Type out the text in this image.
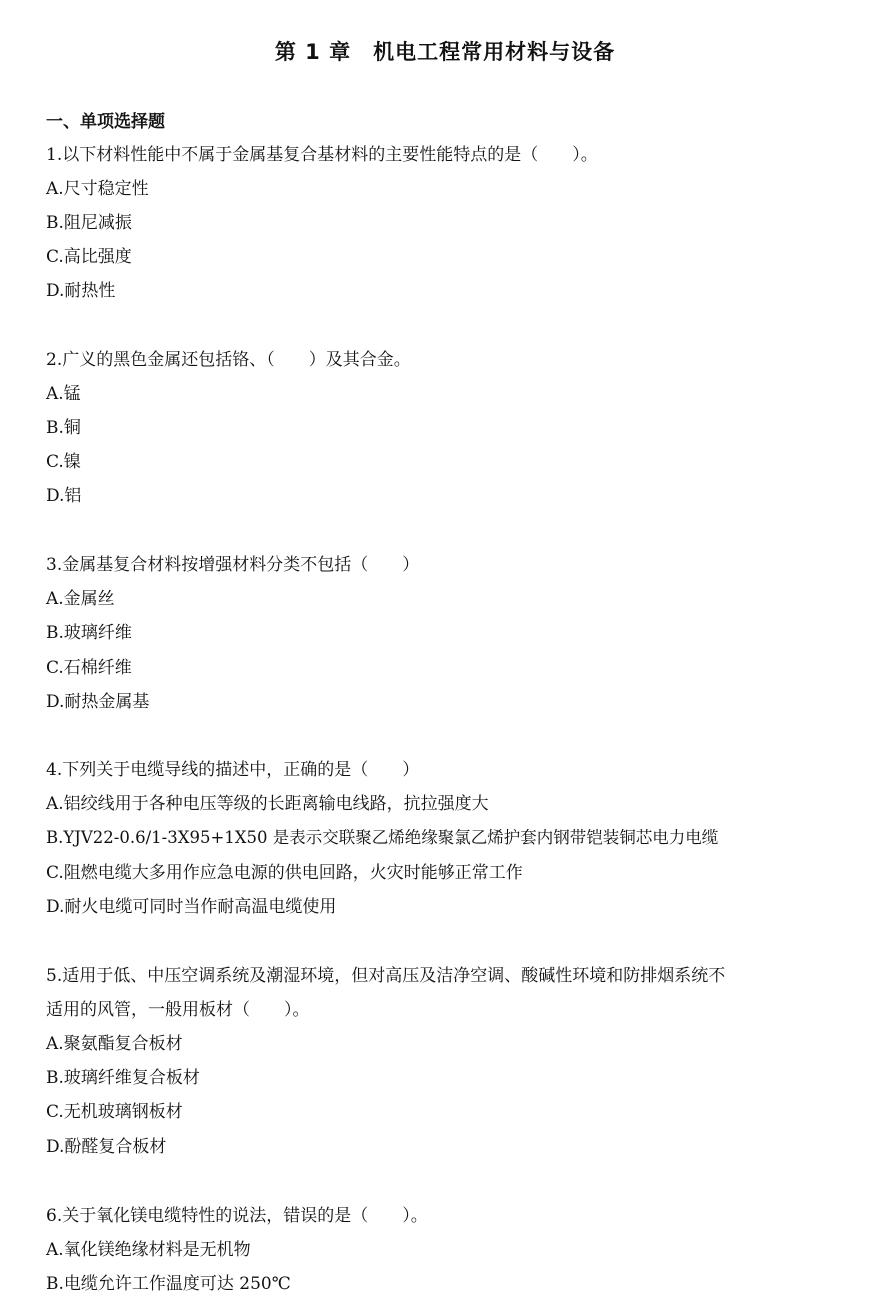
第 1 章　机电工程常用材料与设备
一、单项选择题
1.以下材料性能中不属于金属基复合基材料的主要性能特点的是（　　）。
A.尺寸稳定性
B.阻尼减振
C.高比强度
D.耐热性
2.广义的黑色金属还包括铬、（　　）及其合金。
A.锰
B.铜
C.镍
D.铝
3.金属基复合材料按增强材料分类不包括（　　）
A.金属丝
B.玻璃纤维
C.石棉纤维
D.耐热金属基
4.下列关于电缆导线的描述中，正确的是（　　）
A.铝绞线用于各种电压等级的长距离输电线路，抗拉强度大
B.YJV22-0.6/1-3X95+1X50 是表示交联聚乙烯绝缘聚氯乙烯护套内钢带铠装铜芯电力电缆
C.阻燃电缆大多用作应急电源的供电回路，火灾时能够正常工作
D.耐火电缆可同时当作耐高温电缆使用
5.适用于低、中压空调系统及潮湿环境，但对高压及洁净空调、酸碱性环境和防排烟系统不
适用的风管，一般用板材（　　）。
A.聚氨酯复合板材
B.玻璃纤维复合板材
C.无机玻璃钢板材
D.酚醛复合板材
6.关于氧化镁电缆特性的说法，错误的是（　　）。
A.氧化镁绝缘材料是无机物
B.电缆允许工作温度可达 250℃
